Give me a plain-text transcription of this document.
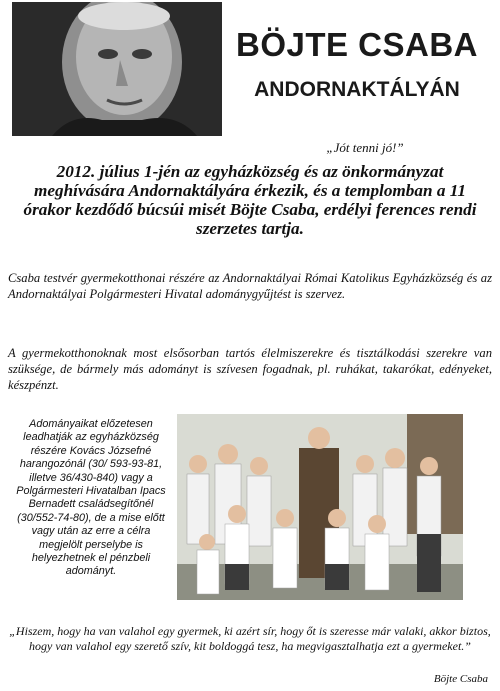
BÖJTE CSABA
ANDORNAKTÁLYÁN
„Jót tenni jó!”
2012. július 1-jén az egyházközség és az önkormányzat meghívására Andornaktályára érkezik, és a templomban a 11 órakor kezdődő búcsúi misét Böjte Csaba, erdélyi ferences rendi szerzetes tartja.
Csaba testvér gyermekotthonai részére az Andornaktályai Római Katolikus Egyházközség és az Andornaktályai Polgármesteri Hivatal adománygyűjtést is szervez.
A gyermekotthonoknak most elsősorban tartós élelmiszerekre és tisztálkodási szerekre van szüksége, de bármely más adományt is szívesen fogadnak, pl. ruhákat, takarókat, edényeket, készpénzt.
Adományaikat előzetesen leadhatják az egyházközség részére Kovács Józsefné harangozónál (30/ 593-93-81, illetve 36/430-840) vagy a Polgármesteri Hivatalban Ipacs Bernadett családsegítőnél (30/552-74-80), de a mise előtt vagy után az erre a célra megjelölt perselybe is helyezhetnek el pénzbeli adományt.
„Hiszem, hogy ha van valahol egy gyermek, ki azért sír, hogy őt is szeresse már valaki, akkor biztos, hogy van valahol egy szerető szív, kit boldoggá tesz, ha megvigasztalhatja ezt a gyermeket.”
Böjte Csaba
